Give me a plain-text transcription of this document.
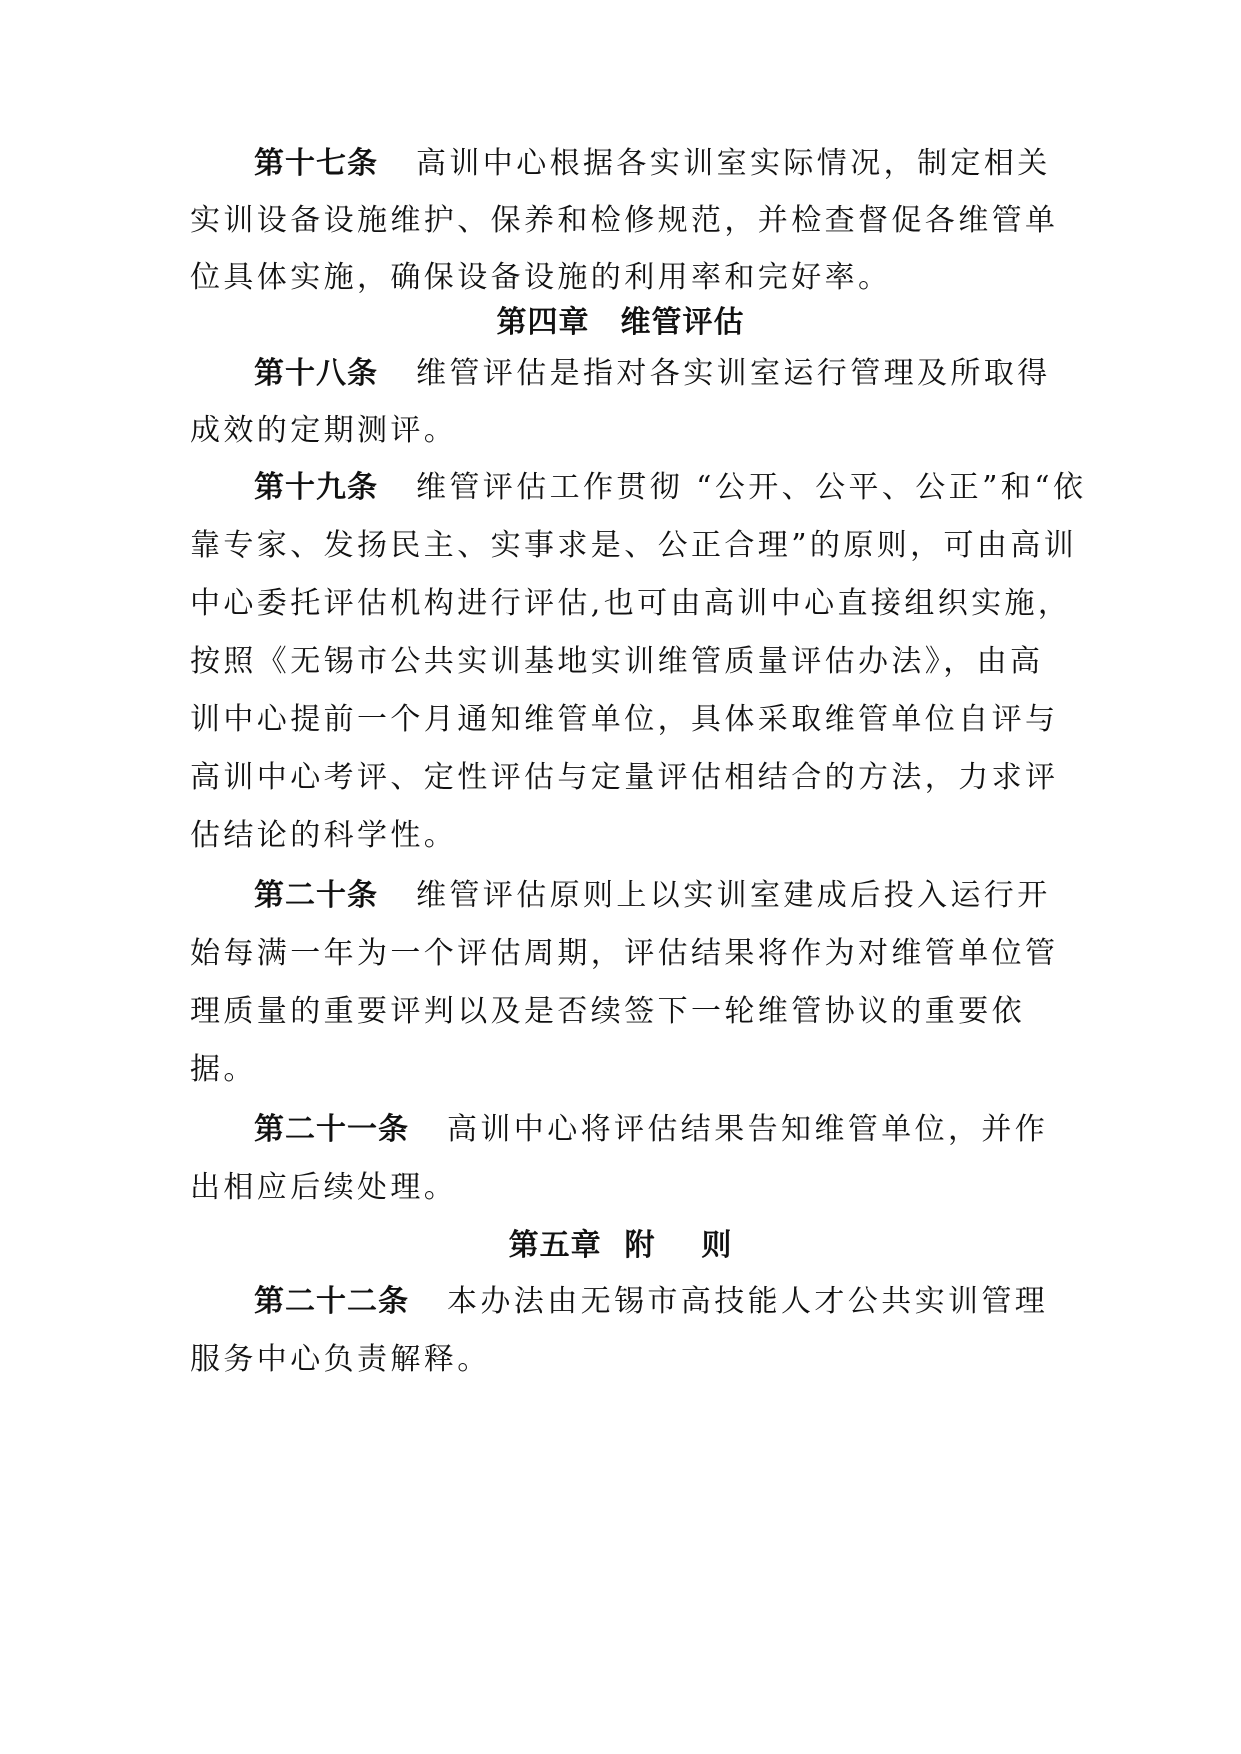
第十七条 高训中心根据各实训室实际情况，制定相关
实训设备设施维护、保养和检修规范，并检查督促各维管单
位具体实施，确保设备设施的利用率和完好率。
第四章　维管评估
第十八条 维管评估是指对各实训室运行管理及所取得
成效的定期测评。
第十九条 维管评估工作贯彻 “公开、公平、公正”和“依
靠专家、发扬民主、实事求是、公正合理”的原则，可由高训
中心委托评估机构进行评估,也可由高训中心直接组织实施，
按照《无锡市公共实训基地实训维管质量评估办法》，由高
训中心提前一个月通知维管单位，具体采取维管单位自评与
高训中心考评、定性评估与定量评估相结合的方法，力求评
估结论的科学性。
第二十条 维管评估原则上以实训室建成后投入运行开
始每满一年为一个评估周期，评估结果将作为对维管单位管
理质量的重要评判以及是否续签下一轮维管协议的重要依
据。
第二十一条 高训中心将评估结果告知维管单位，并作
出相应后续处理。
第五章  附    则
第二十二条 本办法由无锡市高技能人才公共实训管理
服务中心负责解释。
